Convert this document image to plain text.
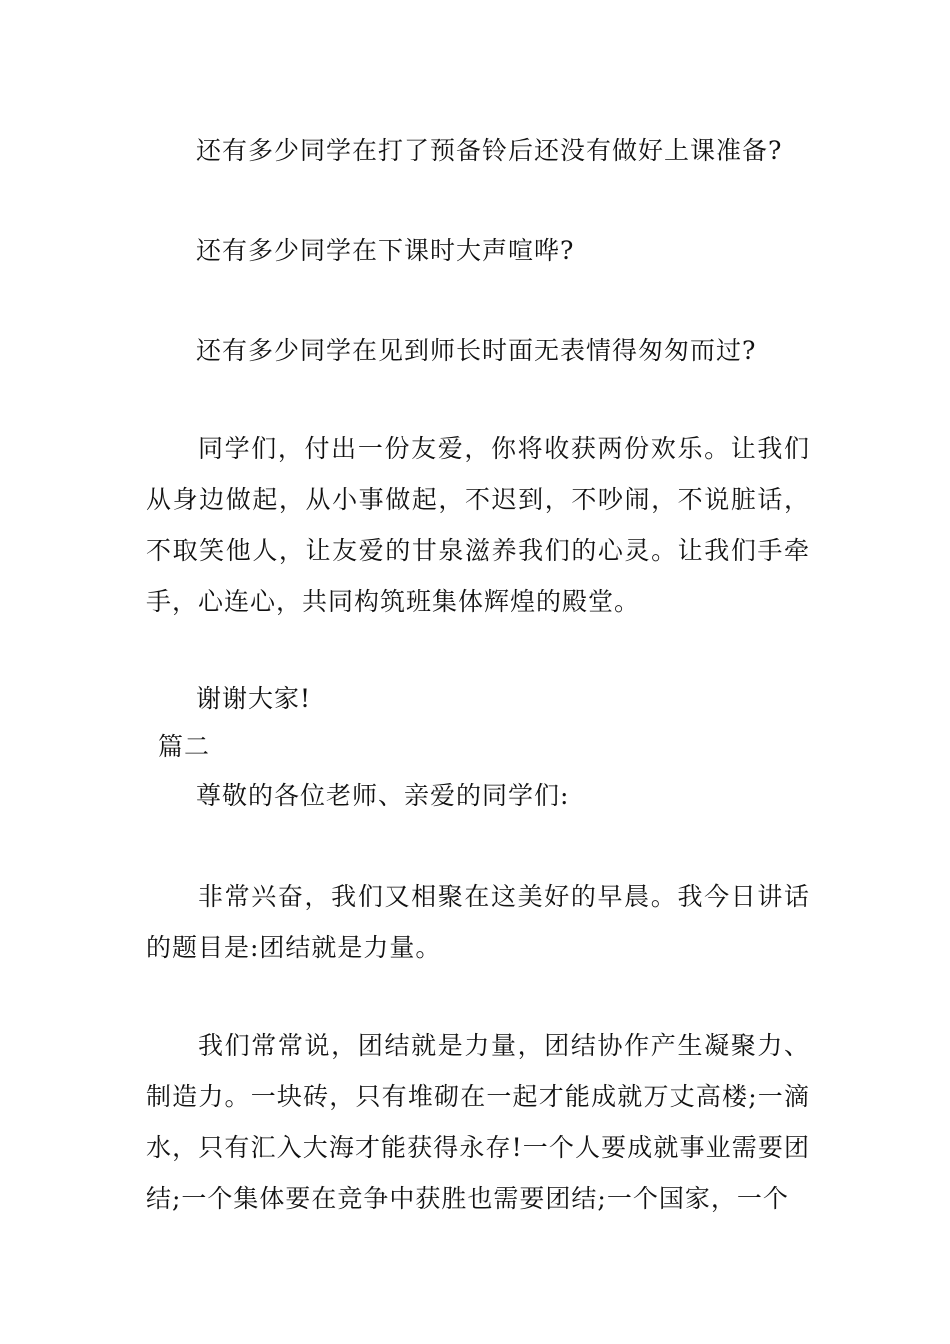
还有多少同学在打了预备铃后还没有做好上课准备?
还有多少同学在下课时大声喧哗?
还有多少同学在见到师长时面无表情得匆匆而过?
同学们，付出一份友爱，你将收获两份欢乐。让我们从身边做起，从小事做起，不迟到，不吵闹，不说脏话，不取笑他人，让友爱的甘泉滋养我们的心灵。让我们手牵手，心连心，共同构筑班集体辉煌的殿堂。
谢谢大家!
篇二
尊敬的各位老师、亲爱的同学们:
非常兴奋，我们又相聚在这美好的早晨。我今日讲话的题目是:团结就是力量。
我们常常说，团结就是力量，团结协作产生凝聚力、制造力。一块砖，只有堆砌在一起才能成就万丈高楼;一滴水，只有汇入大海才能获得永存!一个人要成就事业需要团结;一个集体要在竞争中获胜也需要团结;一个国家，一个
